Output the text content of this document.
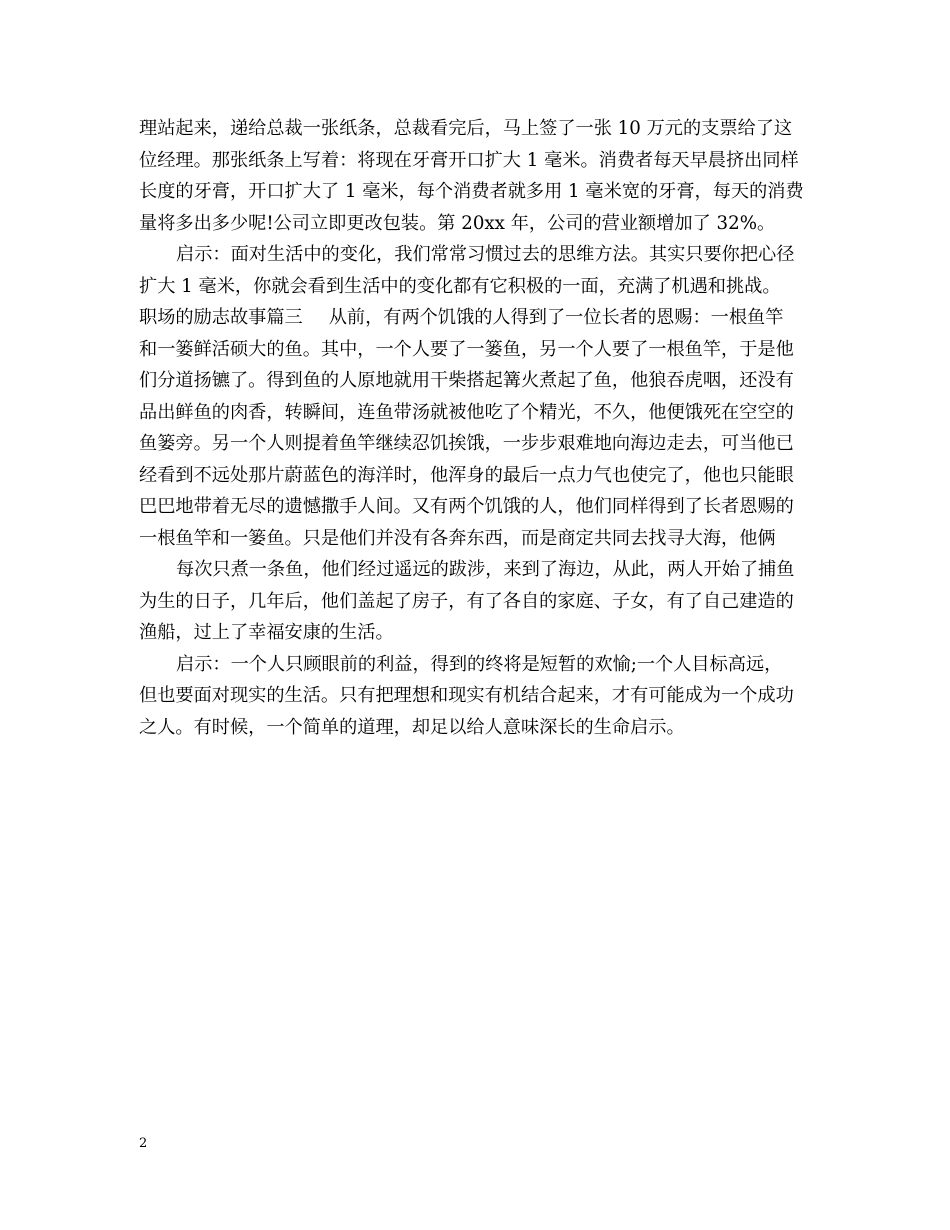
理站起来，递给总裁一张纸条，总裁看完后，马上签了一张 10 万元的支票给了这
位经理。那张纸条上写着：将现在牙膏开口扩大 1 毫米。消费者每天早晨挤出同样
长度的牙膏，开口扩大了 1 毫米，每个消费者就多用 1 毫米宽的牙膏，每天的消费
量将多出多少呢!公司立即更改包装。第 20xx 年，公司的营业额增加了 32%。
启示：面对生活中的变化，我们常常习惯过去的思维方法。其实只要你把心径
扩大 1 毫米，你就会看到生活中的变化都有它积极的一面，充满了机遇和挑战。
职场的励志故事篇三 从前，有两个饥饿的人得到了一位长者的恩赐：一根鱼竿
和一篓鲜活硕大的鱼。其中，一个人要了一篓鱼，另一个人要了一根鱼竿，于是他
们分道扬镳了。得到鱼的人原地就用干柴搭起篝火煮起了鱼，他狼吞虎咽，还没有
品出鲜鱼的肉香，转瞬间，连鱼带汤就被他吃了个精光，不久，他便饿死在空空的
鱼篓旁。另一个人则提着鱼竿继续忍饥挨饿，一步步艰难地向海边走去，可当他已
经看到不远处那片蔚蓝色的海洋时，他浑身的最后一点力气也使完了，他也只能眼
巴巴地带着无尽的遗憾撒手人间。又有两个饥饿的人，他们同样得到了长者恩赐的
一根鱼竿和一篓鱼。只是他们并没有各奔东西，而是商定共同去找寻大海，他俩
每次只煮一条鱼，他们经过遥远的跋涉，来到了海边，从此，两人开始了捕鱼
为生的日子，几年后，他们盖起了房子，有了各自的家庭、子女，有了自己建造的
渔船，过上了幸福安康的生活。
启示：一个人只顾眼前的利益，得到的终将是短暂的欢愉;一个人目标高远，
但也要面对现实的生活。只有把理想和现实有机结合起来，才有可能成为一个成功
之人。有时候，一个简单的道理，却足以给人意味深长的生命启示。
2
